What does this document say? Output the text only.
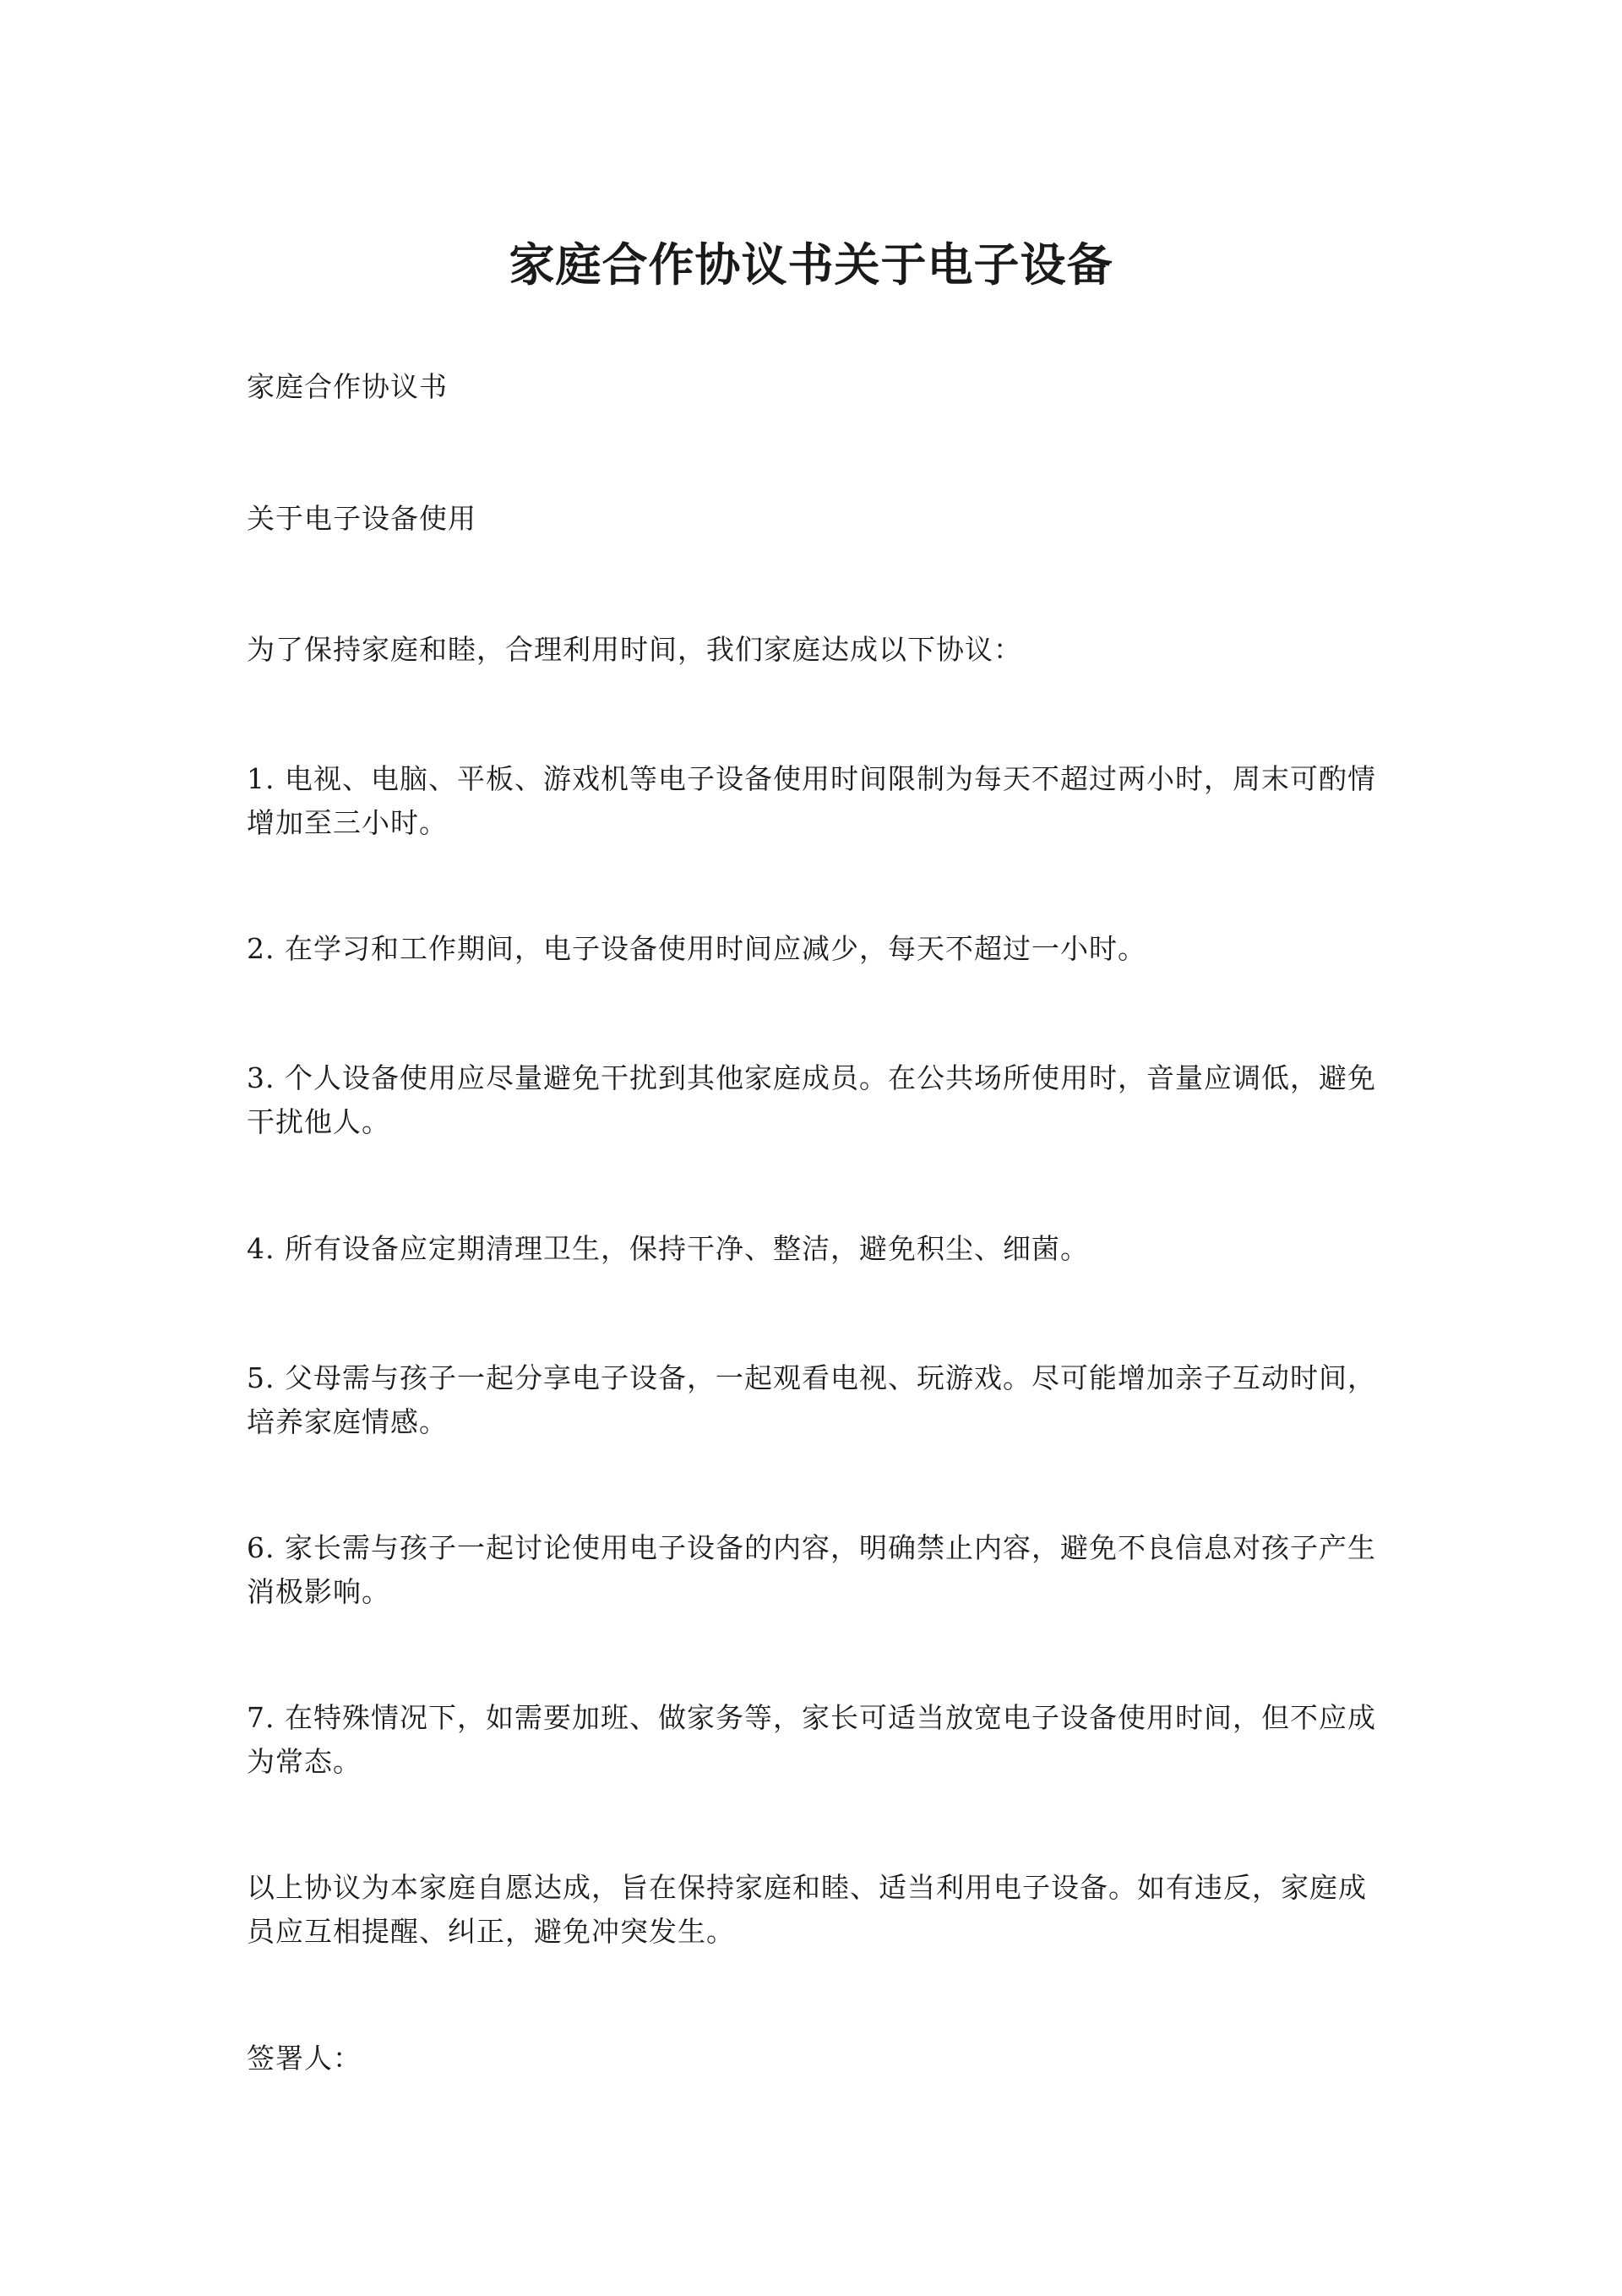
家庭合作协议书关于电子设备

家庭合作协议书

关于电子设备使用

为了保持家庭和睦，合理利用时间，我们家庭达成以下协议：

1. 电视、电脑、平板、游戏机等电子设备使用时间限制为每天不超过两小时，周末可酌情增加至三小时。

2. 在学习和工作期间，电子设备使用时间应减少，每天不超过一小时。

3. 个人设备使用应尽量避免干扰到其他家庭成员。在公共场所使用时，音量应调低，避免干扰他人。

4. 所有设备应定期清理卫生，保持干净、整洁，避免积尘、细菌。

5. 父母需与孩子一起分享电子设备，一起观看电视、玩游戏。尽可能增加亲子互动时间，培养家庭情感。

6. 家长需与孩子一起讨论使用电子设备的内容，明确禁止内容，避免不良信息对孩子产生消极影响。

7. 在特殊情况下，如需要加班、做家务等，家长可适当放宽电子设备使用时间，但不应成为常态。

以上协议为本家庭自愿达成，旨在保持家庭和睦、适当利用电子设备。如有违反，家庭成员应互相提醒、纠正，避免冲突发生。

签署人：
